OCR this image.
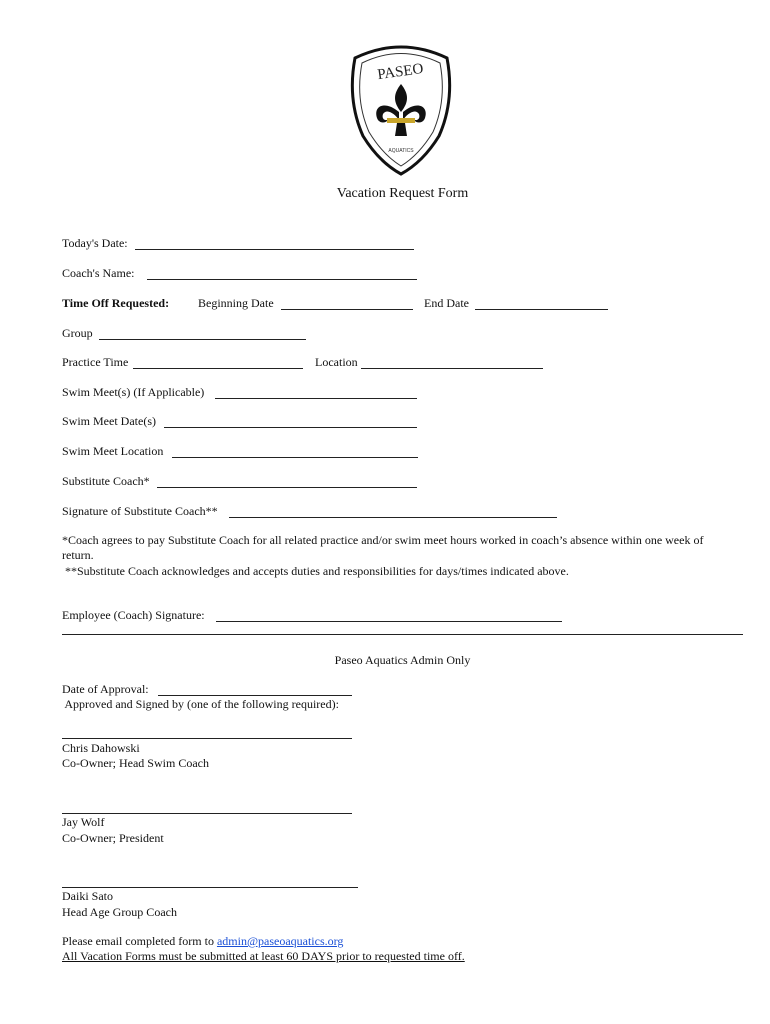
PASEO
AQUATICS
Vacation Request Form
Today's Date:
Coach's Name:
Time Off Requested: Beginning Date	End Date
Group
Practice Time	Location
Swim Meet(s) (If Applicable)
Swim Meet Date(s)
Swim Meet Location
Substitute Coach*
Signature of Substitute Coach**
*Coach agrees to pay Substitute Coach for all related practice and/or swim meet hours worked in coach’s absence within one week of
return.
**Substitute Coach acknowledges and accepts duties and responsibilities for days/times indicated above.
Employee (Coach) Signature:
Paseo Aquatics Admin Only
Date of Approval:
Approved and Signed by (one of the following required):
Chris Dahowski
Co-Owner; Head Swim Coach
Jay Wolf
Co-Owner; President
Daiki Sato
Head Age Group Coach
Please email completed form to admin@paseoaquatics.org
All Vacation Forms must be submitted at least 60 DAYS prior to requested time off.
